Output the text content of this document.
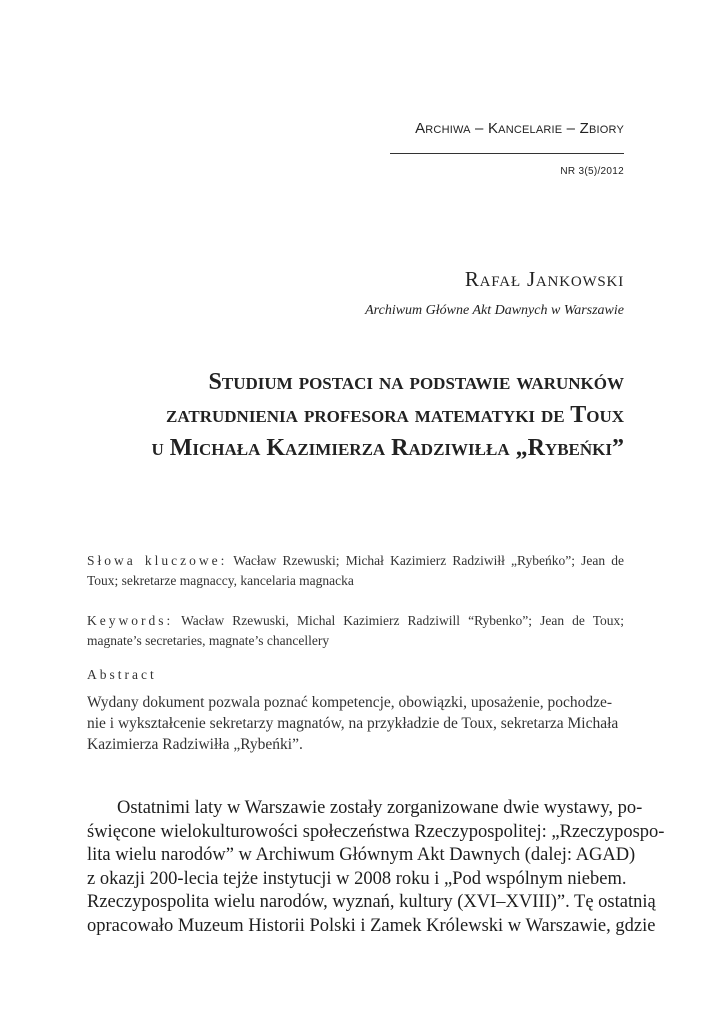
Archiwa – Kancelarie – Zbiory
NR 3(5)/2012
Rafał Jankowski
Archiwum Główne Akt Dawnych w Warszawie
Studium postaci na podstawie warunków
zatrudnienia profesora matematyki de Toux
u Michała Kazimierza Radziwiłła „Rybeńki”
Słowa kluczowe: Wacław Rzewuski; Michał Kazimierz Radziwiłł „Rybeńko”; Jean de Toux; sekretarze magnaccy, kancelaria magnacka
Keywords: Wacław Rzewuski, Michal Kazimierz Radziwill “Rybenko”; Jean de Toux; magnate’s secretaries, magnate’s chancellery
Abstract
Wydany dokument pozwala poznać kompetencje, obowiązki, uposażenie, pochodze-
nie i wykształcenie sekretarzy magnatów, na przykładzie de Toux, sekretarza Michała
Kazimierza Radziwiłła „Rybeńki”.
Ostatnimi laty w Warszawie zostały zorganizowane dwie wystawy, po-
święcone wielokulturowości społeczeństwa Rzeczypospolitej: „Rzeczypospo-
lita wielu narodów” w Archiwum Głównym Akt Dawnych (dalej: AGAD)
z okazji 200-lecia tejże instytucji w 2008 roku i „Pod wspólnym niebem.
Rzeczypospolita wielu narodów, wyznań, kultury (XVI–XVIII)”. Tę ostatnią
opracowało Muzeum Historii Polski i Zamek Królewski w Warszawie, gdzie
